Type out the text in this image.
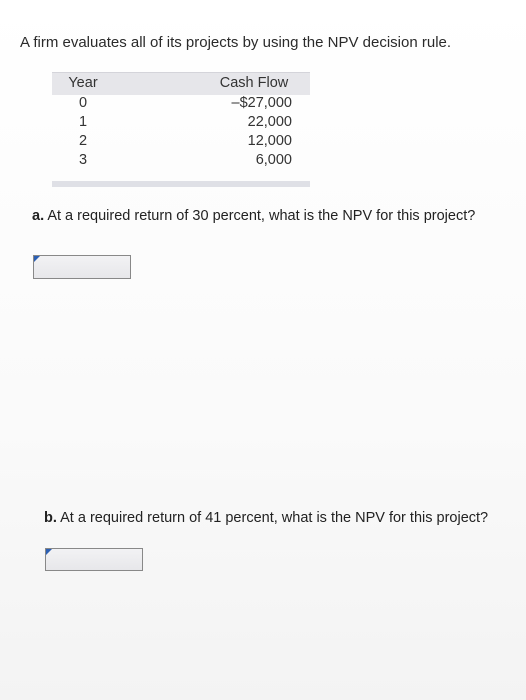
A firm evaluates all of its projects by using the NPV decision rule.
Year	Cash Flow
0	–$27,000
1	22,000
2	12,000
3	6,000
a. At a required return of 30 percent, what is the NPV for this project?
b. At a required return of 41 percent, what is the NPV for this project?
